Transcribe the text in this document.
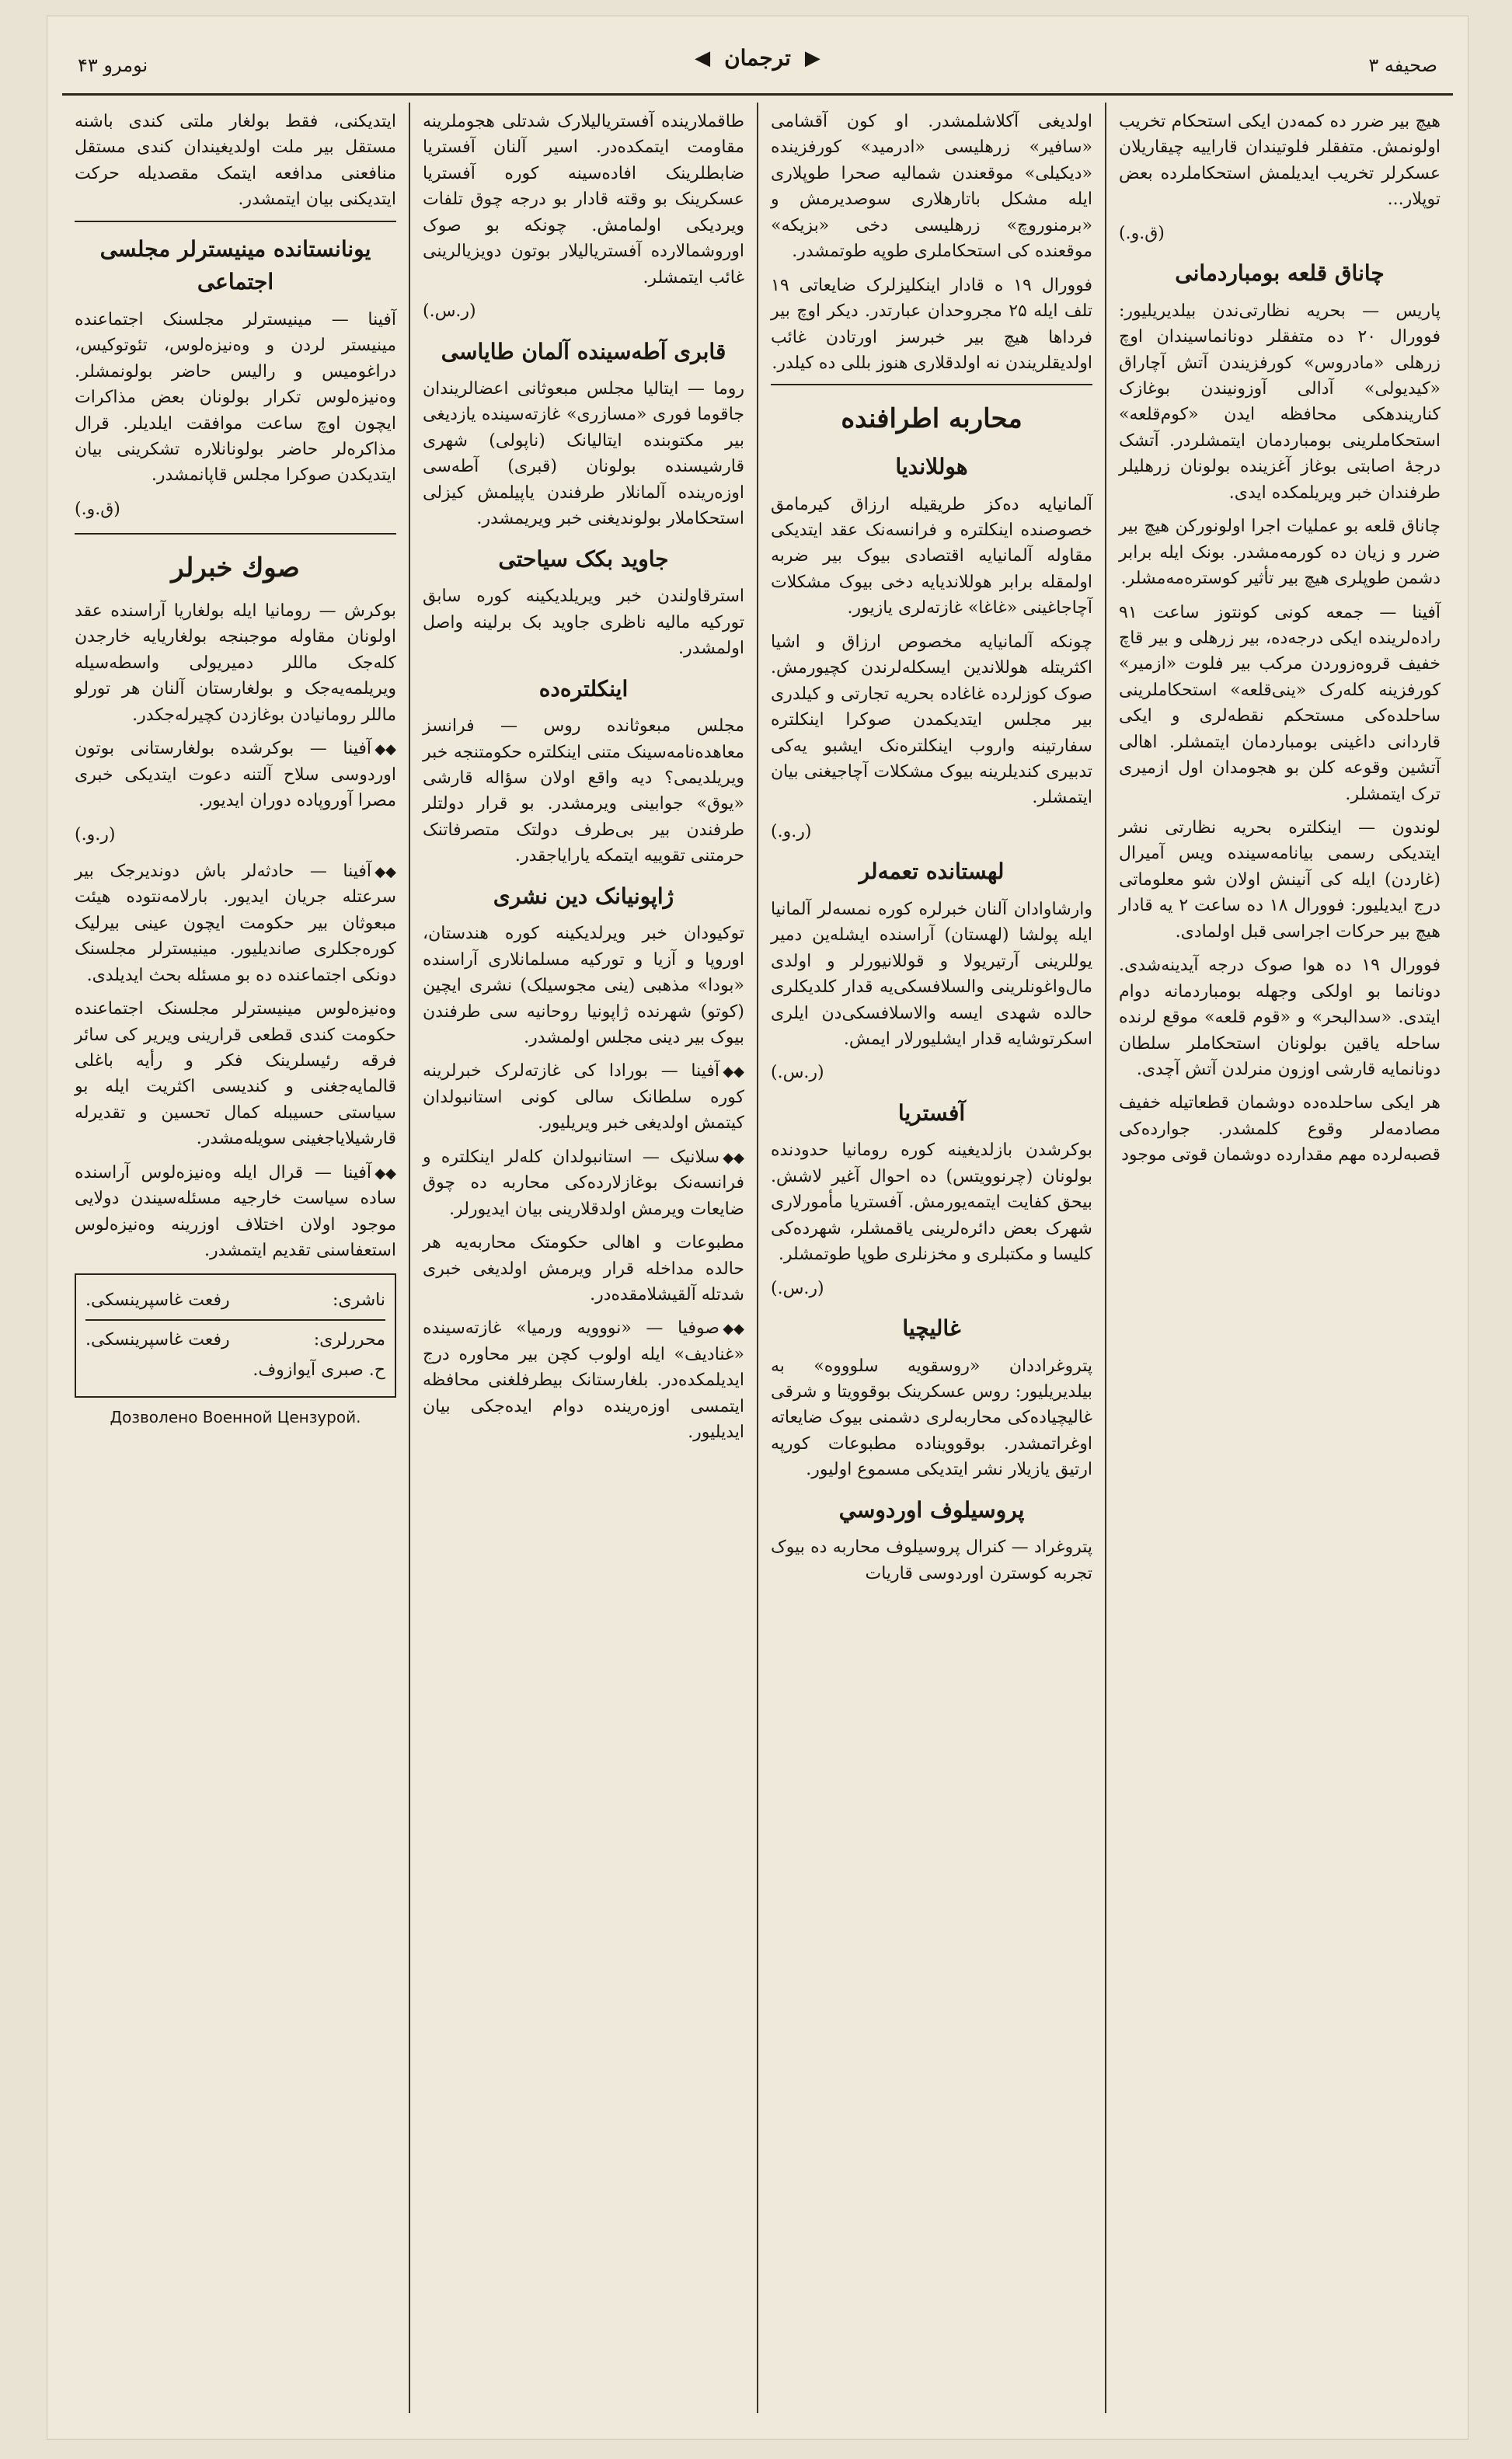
صحيفه ۳
◀ ترجمان ▶
نومرو ۴۳

هیچ بیر ضرر ده کمه‌دن ایکی استحکام تخریب اولونمش. متفقلر فلوتیندان قاراییه چیقاریلان عسکرلر تخریب ایدیلمش استحکاملرده بعض توپلار...

(ق.و.)
چاناق قلعه بومباردمانی

پاریس — بحریه نظارتی‌ندن بیلدیریلیور: فوورال ۲۰ ده متفقلر دونانماسیندان اوچ زرهلی «مادروس» کورفزیندن آتش آچاراق «کیدیولی» آدالی آوزونیندن بوغازک کناریندهکی محافظه ایدن «کوم‌قلعه» استحکاملرینی بومباردمان ایتمشلردر. آتشک درجهٔ اصابتی بوغاز آغزینده بولونان زرهلیلر طرفندان خبر ویریلمکده ایدی.

چاناق قلعه بو عملیات اجرا اولونورکن هیچ بیر ضرر و زیان ده کورمه‌مشدر. بونک ایله برابر دشمن طوپلری هیچ بیر تأثیر کوستره‌مه‌مشلر.

آفینا — جمعه کونی کونتوز ساعت ۹۱ راده‌لرینده ایکی درجه‌ده، بیر زرهلی و بیر قاچ خفیف قروه‌زوردن مرکب بیر فلوت «ازمیر» کورفزینه کله‌رک «ینی‌قلعه» استحکاملرینی ساحلده‌کی مستحکم نقطه‌لری و ایکی قاردانی داغینی بومباردمان ایتمشلر. اهالی آتشین وقوعه کلن بو هجومدان اول ازمیری ترک ایتمشلر.

لوندون — اینکلتره بحریه نظارتی نشر ایتدیکی رسمی بیانامه‌سینده ویس آمیرال (غاردن) ایله کی آنینش اولان شو معلوماتی درج ایدیلیور: فوورال ۱۸ ده ساعت ۲ یه قادار هیچ بیر حرکات اجراسی قبل اولمادی.

فوورال ۱۹ ده هوا صوک درجه آیدینه‌شدی. دونانما بو اولکی وجهله بومباردمانه دوام ایتدی. «سدالبحر» و «قوم قلعه» موقع لرنده ساحله یاقین بولونان استحکاملر سلطان دونانمایه قارشی اوزون منرلدن آتش آچدی.

هر ایکی ساحلده‌ده دوشمان قطعاتیله خفیف مصادمه‌لر وقوع کلمشدر. جوارده‌کی قصبه‌لرده مهم مقدارده دوشمان قوتی موجود

اولدیغی آکلاشلمشدر. او کون آقشامی «سافیر» زرهلیسی «ادرمید» کورفزینده «دیکیلی» موقعندن شمالیه صحرا طوپلاری ایله مشکل باتارهلاری سوصدیرمش و «برمنوروچ» زرهلیسی دخی «بزیکه» موقعنده کی استحکاملری طوپه طوتمشدر.

فوورال ۱۹ ه قادار اینکلیزلرک ضایعاتی ۱۹ تلف ایله ۲۵ مجروحدان عبارتدر. دیکر اوچ بیر فرداها هیچ بیر خبرسز اورتادن غائب اولدیقلریندن نه اولدقلاری هنوز بللی ده کیلدر.

محاربه اطرافنده
هوللانديا

آلمانيايه ده‌کز طريقيله ارزاق کیرمامق خصوصنده اینکلتره و فرانسه‌نک عقد ایتدیکی مقاوله آلمانیایه اقتصادی بیوک بیر ضربه اولمقله برابر هوللاندیایه دخی بیوک مشکلات آچاجاغینی «غاغا» غازته‌لری یازیور.

چونکه آلمانیایه مخصوص ارزاق و اشیا اکثریتله هوللاندین ایسکله‌لرندن کچیورمش. صوک کوزلرده غاغاده بحریه تجارتی و کیلدری بیر مجلس ایتدیکمدن صوکرا اینکلتره سفارتینه واروب اینکلتره‌نک ایشبو یه‌کی تدبیری کندیلرینه بیوک مشکلات آچاجیغنی بیان ایتمشلر.

(ر.و.)
لهستانده تعمه‌لر

وارشاوادان آلنان خبرلره کوره نمسه‌لر آلمانیا ایله پولشا (لهستان) آراسنده ایشله‌ین دمیر یوللرینی آرتیریولا و قوللانیورلر و اولدی مال‌واغونلرینی والسلافسکی‌یه قدار کلدیکلری حالده شهدی ایسه‌ والاسلافسکی‌دن ایلری اسکرتوشایه قدار ایشلیورلار ایمش.

(ر.س.)
آفستريا

بوکرشدن بازلدیغینه کوره رومانیا حدودنده بولونان (چرنوویتس) ده احوال آغیر لاشش. بیحق کفایت ایتمه‌یورمش. آفستریا مأمورلاری شهرک بعض دائره‌لرینی یاقمشلر، شهرده‌کی کلیسا و مکتبلری و مخزنلری طوپا طوتمشلر.

(ر.س.)
غاليچيا

پتروغراددان «روسقویه سلوووه» به بیلدیریلیور: روس عسکرینک بوقوویتا و شرقی غالیچیاده‌کی محاربه‌لری دشمنی بیوک ضایعاته اوغراتمشدر. بوقوویناده مطبوعات کورپه ارتیق یازیلار نشر ایتدیکی مسمو‌ع اولیور.

پروسيلوف اوردوسي

پتروغراد — کنرال پروسیلوف محاربه ده‌ بیوک تجربه کوسترن اوردوسی قاریات

طاقملارینده آفستریالیلارک شدتلی هجوملرینه مقاومت ایتمکده‌در. اسیر آلنان آفستریا ضابطلرینک افاده‌سینه کوره آفستریا عسکرینک بو وقته قادار بو درجه چوق تلفات ویردیکی اولمامش. چونکه بو صوک اوروشمالارده آفستریالیلار بوتون دویزیالرینی غائب ایتمشلر.

(ر.س.)
قابری آطه‌سینده آلمان طایاسی

روما — ایتالیا مجلس مبعوثانی اعضالریندان جاقوما فوری «مسازری» غازته‌سینده یازدیغی بیر مکتوبنده ایتالیانک (ناپولی) شهری قارشیسنده بولونان (قبری) آطه‌سی اوزه‌رینده آلمانلار طرفندن یاپیلمش کیزلی استحکاملار بولوندیغنی خبر ویریمشدر.

جاوید بکک سیاحتی

استرقاولندن خبر ویریلدیکینه کوره سابق تورکیه مالیه ناظری جاوید بک برلینه واصل اولمشدر.

اینکلتره‌ده

مجلس مبعوثانده روس — فرانسز معاهده‌نامه‌سینک متنی اینکلتره حکومتنجه خبر ویریلدیمی؟ دیه واقع اولان سؤاله قارشی «یوق» جوابینی ویرمشدر. بو قرار دولتلر طرفندن بیر بی‌طرف دولتک متصرفاتنک حرمتنی تقوییه ایتمکه یارایاجقدر.

ژاپونیانک دین نشری

توکیودان خبر ویرلدیکینه کوره هندستان، اوروپا و آزیا و تورکیه مسلمانلاری آراسنده «بودا» مذهبی (ینی مجوسیلک) نشری ایچین (کوتو) شهرنده ژاپونیا روحانیه‌ سی طرفندن بیوک بیر دینی مجلس اولمشدر.

◆◆آفینا — بورادا کی غازته‌لرک خبرلرینه کوره سلطانک سالی کونی استانبولدان کیتمش اولدیغی خبر ویریلیور.

◆◆سلانیک — استانبولدان کله‌لر اینکلتره و فرانسه‌نک بوغازلارده‌کی محاربه ده چوق ضایعات ویرمش اولدقلارینی بیان ایدیورلر.

مطبوعات و اهالی حکومتک محاربه‌یه هر حالده مداخله قرار ویرمش اولدیغی خبری شدتله آلقیشلامقده‌در.

◆◆صوفیا — «نووویه ورمیا» غازته‌سینده «غنادیف» ایله اولوب کچن بیر محاوره درج ایدیلمکده‌در. بلغارستانک بیطرفلغنی محافظه ایتمسی اوزه‌رینده دوام ایده‌جکی بیان ایدیلیور.

ایتدیکنی، فقط بولغار ملتی کندی باشنه مستقل بیر ملت اولدیغیندان کندی مستقل منافعنی مدافعه ایتمک مقصدیله حرکت ایتدیکنی بیان ایتمشدر.

یونانستانده مینیسترلر مجلسی اجتماعی

آفینا — مینیسترلر مجلسنک اجتماعنده مینیستر لردن و وه‌نیزه‌لوس، تئوتوکیس، دراغومیس و رالیس حاضر بولونمشلر. وه‌نیزه‌لوس تکرار بولونان بعض مذاکرات ایچون اوچ ساعت موافقت ایلدیلر. قرال مذاکره‌لر حاضر بولونانلاره تشکرینی بیان ایتدیکدن صوکرا مجلس قاپانمشدر.

(ق.و.)
صوك خبرلر

بوکرش — رومانیا ایله بولغاریا آراسنده عقد اولونان مقاوله موجبنجه بولغاریایه خارجدن کله‌جک ماللر دمیریولی واسطه‌سیله ویریلمه‌یه‌جک و بولغارستان آلنان هر تورلو ماللر رومانیادن بوغازدن کچیرله‌جکدر.

◆◆آفینا — بوکرشده بولغارستانی بوتون اوردوسی سلاح آلتنه دعوت ایتدیکی خبری مصرا آوروپاده دوران ایدیور.

(ر.و.)

◆◆آفینا — حادثه‌لر باش دوندیرجک بیر سرعتله جریان ایدیور. بارلامه‌نتوده هیئت مبعوثان بیر حکومت ایچون عینی بیرلیک کوره‌جکلری صاندیلیور. مینیسترلر مجلسنک دونکی اجتماعنده ده بو مسئله بحث ایدیلدی.

وه‌نیزه‌لوس مینیسترلر مجلسنک اجتماعنده حکومت کندی قطعی قرارینی ویریر کی سائر فرقه رئیسلرینک فکر و رأیه باغلی قالمایه‌جغنی و کندیسی اکثریت ایله بو سیاستی حسیبله کمال تحسین و تقدیرله قارشیلایاجغینی سویله‌مشدر.

◆◆آفینا — قرال ایله وه‌نیزه‌لوس آراسنده ساده سیاست خارجیه مسئله‌سیندن دولایی موجود اولان اختلاف اوزرینه وه‌نیزه‌لوس استعفاسنی تقدیم ایتمشدر.

ناشری:
رفعت غاسپرینسکی.
محررلری:
رفعت غاسپرینسکی.
ح. صبری آیوازوف.
Дозволено Военной Цензурой.
